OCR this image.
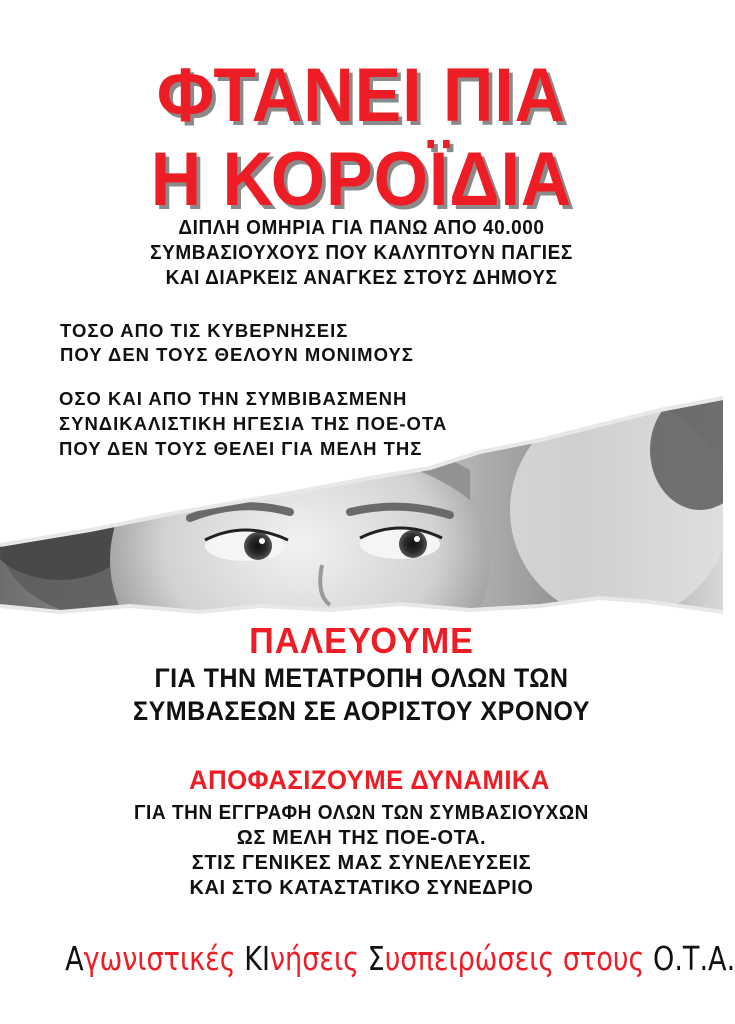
ΦΤΑΝΕΙ ΠΙΑ
Η ΚΟΡΟΪΔΙΑ
ΔΙΠΛΗ ΟΜΗΡΙΑ ΓΙΑ ΠΑΝΩ ΑΠΟ 40.000
ΣΥΜΒΑΣΙΟΥΧΟΥΣ ΠΟΥ ΚΑΛΥΠΤΟΥΝ ΠΑΓΙΕΣ
ΚΑΙ ΔΙΑΡΚΕΙΣ ΑΝΑΓΚΕΣ ΣΤΟΥΣ ΔΗΜΟΥΣ
ΤΟΣΟ ΑΠΟ ΤΙΣ ΚΥΒΕΡΝΗΣΕΙΣ
ΠΟΥ ΔΕΝ ΤΟΥΣ ΘΕΛΟΥΝ ΜΟΝΙΜΟΥΣ
ΟΣΟ ΚΑΙ ΑΠΟ ΤΗΝ ΣΥΜΒΙΒΑΣΜΕΝΗ
ΣΥΝΔΙΚΑΛΙΣΤΙΚΗ ΗΓΕΣΙΑ ΤΗΣ ΠΟΕ-ΟΤΑ
ΠΟΥ ΔΕΝ ΤΟΥΣ ΘΕΛΕΙ ΓΙΑ ΜΕΛΗ ΤΗΣ
ΠΑΛΕΥΟΥΜΕ
ΓΙΑ ΤΗΝ ΜΕΤΑΤΡΟΠΗ ΟΛΩΝ ΤΩΝ
ΣΥΜΒΑΣΕΩΝ ΣΕ ΑΟΡΙΣΤΟΥ ΧΡΟΝΟΥ
ΑΠΟΦΑΣΙΖΟΥΜΕ ΔΥΝΑΜΙΚΑ
ΓΙΑ ΤΗΝ ΕΓΓΡΑΦΗ ΟΛΩΝ ΤΩΝ ΣΥΜΒΑΣΙΟΥΧΩΝ
ΩΣ ΜΕΛΗ ΤΗΣ ΠΟΕ-ΟΤΑ.
ΣΤΙΣ ΓΕΝΙΚΕΣ ΜΑΣ ΣΥΝΕΛΕΥΣΕΙΣ
ΚΑΙ ΣΤΟ ΚΑΤΑΣΤΑΤΙΚΟ ΣΥΝΕΔΡΙΟ
Αγωνιστικές ΚΙνήσεις Συσπειρώσεις στους Ο.Τ.Α.
